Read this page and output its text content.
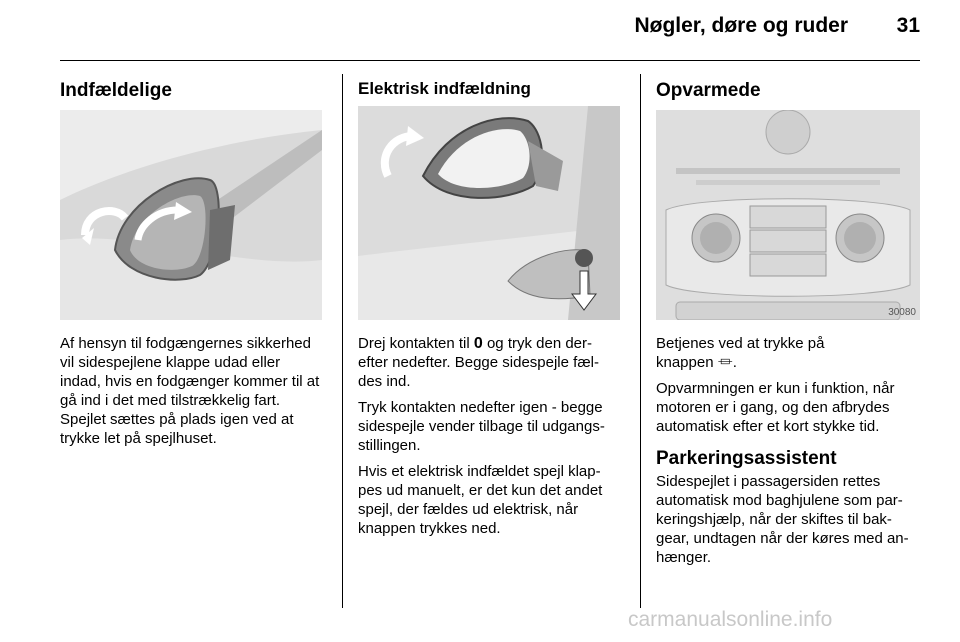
Nøgler, døre og ruder	31
Indfældelige

Af hensyn til fodgængernes sikkerhed vil sidespejlene klappe udad eller indad, hvis en fodgænger kommer til at gå ind i det med tilstrækkelig fart. Spejlet sættes på plads igen ved at trykke let på spejlhuset.

Elektrisk indfældning

Drej kontakten til 0 og tryk den der-efter nedefter. Begge sidespejle fæl-des ind.

Tryk kontakten nedefter igen - begge sidespejle vender tilbage til udgangs-stillingen.

Hvis et elektrisk indfældet spejl klap-pes ud manuelt, er det kun det andet spejl, der fældes ud elektrisk, når knappen trykkes ned.

Opvarmede
30080

Betjenes ved at trykke på knappen ⏛.

Opvarmningen er kun i funktion, når motoren er i gang, og den afbrydes automatisk efter et kort stykke tid.

Parkeringsassistent

Sidespejlet i passagersiden rettes automatisk mod baghjulene som par-keringshjælp, når der skiftes til bak-gear, undtagen når der køres med an-hænger.

carmanualsonline.info
